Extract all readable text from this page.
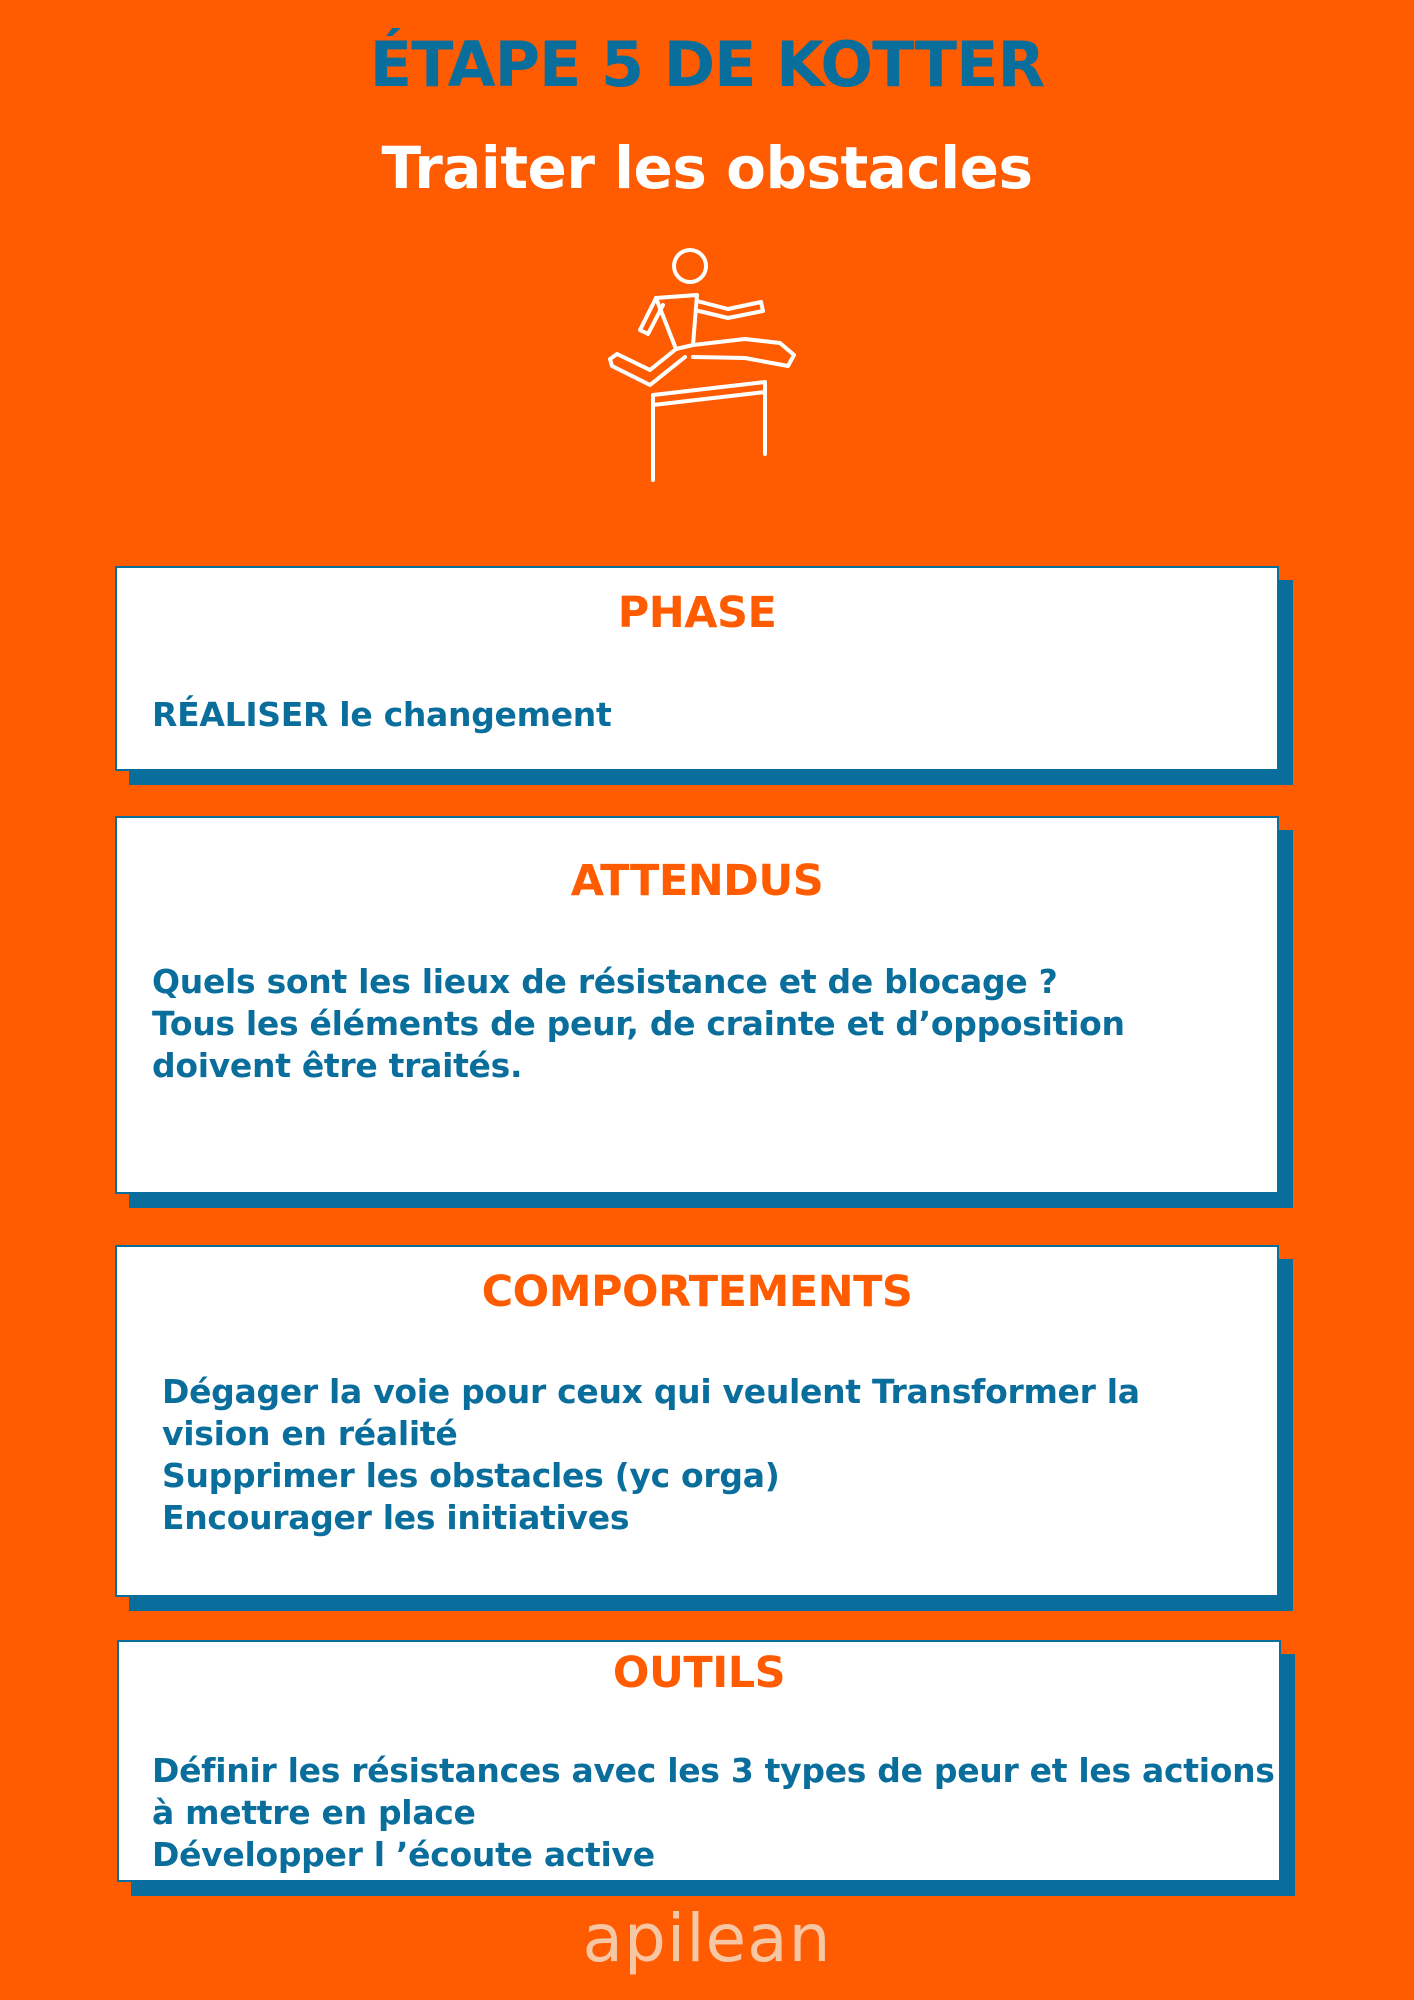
ÉTAPE 5 DE KOTTER
Traiter les obstacles
PHASE
RÉALISER le changement
ATTENDUS
Quels sont les lieux de résistance et de blocage ?
Tous les éléments de peur, de crainte et d’opposition
doivent être traités.
COMPORTEMENTS
Dégager la voie pour ceux qui veulent Transformer la
vision en réalité
Supprimer les obstacles (yc orga)
Encourager les initiatives
OUTILS
Définir les résistances avec les 3 types de peur et les actions
à mettre en place
Développer l ’écoute active
apilean
